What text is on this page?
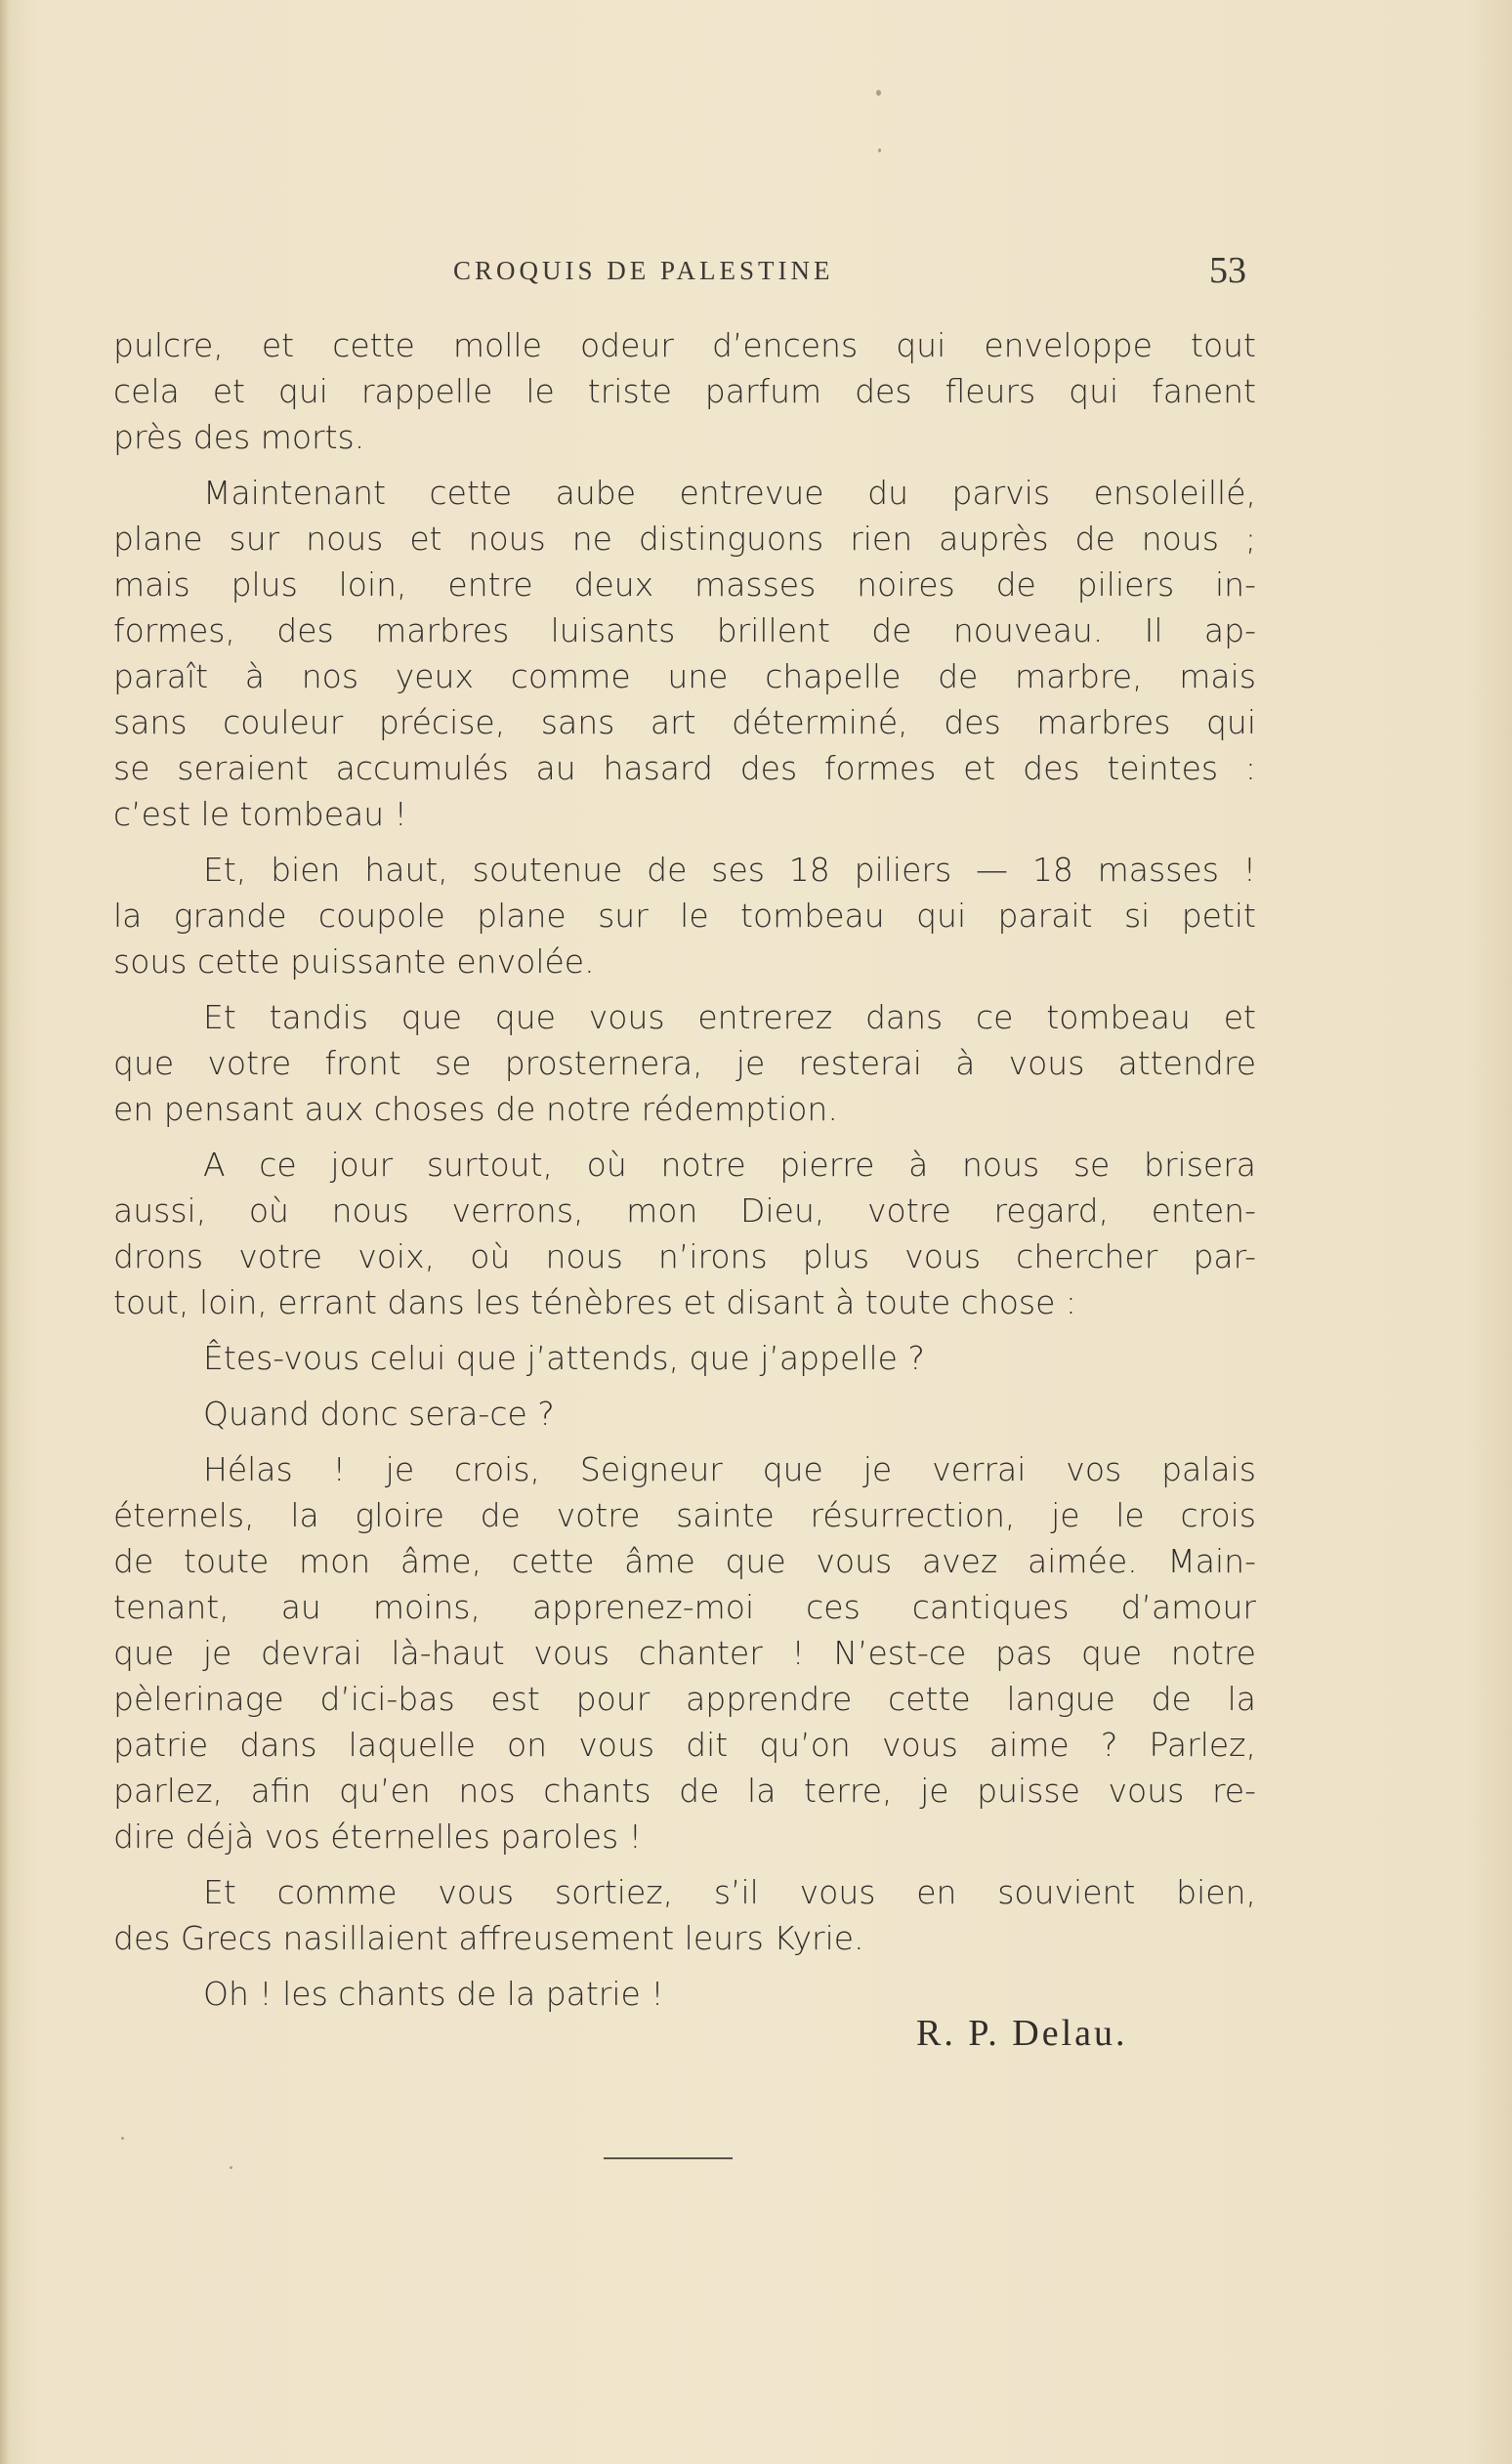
CROQUIS DE PALESTINE	53
pulcre, et cette molle odeur d’encens qui enveloppe tout
cela et qui rappelle le triste parfum des fleurs qui fanent
près des morts.
Maintenant cette aube entrevue du parvis ensoleillé,
plane sur nous et nous ne distinguons rien auprès de nous ;
mais plus loin, entre deux masses noires de piliers in-
formes, des marbres luisants brillent de nouveau. Il ap-
paraît à nos yeux comme une chapelle de marbre, mais
sans couleur précise, sans art déterminé, des marbres qui
se seraient accumulés au hasard des formes et des teintes :
c’est le tombeau !
Et, bien haut, soutenue de ses 18 piliers — 18 masses !
la grande coupole plane sur le tombeau qui parait si petit
sous cette puissante envolée.
Et tandis que que vous entrerez dans ce tombeau et
que votre front se prosternera, je resterai à vous attendre
en pensant aux choses de notre rédemption.
A ce jour surtout, où notre pierre à nous se brisera
aussi, où nous verrons, mon Dieu, votre regard, enten-
drons votre voix, où nous n’irons plus vous chercher par-
tout, loin, errant dans les ténèbres et disant à toute chose :
Êtes-vous celui que j’attends, que j’appelle ?
Quand donc sera-ce ?
Hélas ! je crois, Seigneur que je verrai vos palais
éternels, la gloire de votre sainte résurrection, je le crois
de toute mon âme, cette âme que vous avez aimée. Main-
tenant, au moins, apprenez-moi ces cantiques d’amour
que je devrai là-haut vous chanter ! N’est-ce pas que notre
pèlerinage d’ici-bas est pour apprendre cette langue de la
patrie dans laquelle on vous dit qu’on vous aime ? Parlez,
parlez, afin qu’en nos chants de la terre, je puisse vous re-
dire déjà vos éternelles paroles !
Et comme vous sortiez, s’il vous en souvient bien,
des Grecs nasillaient affreusement leurs Kyrie.
Oh ! les chants de la patrie !
R. P. Delau.
